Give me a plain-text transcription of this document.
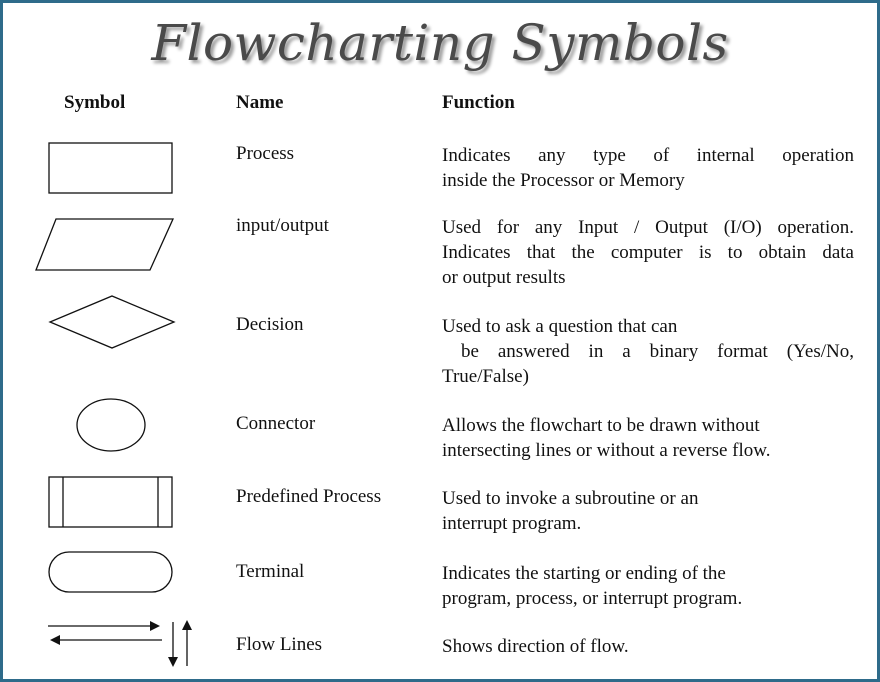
Flowcharting Symbols
Symbol	Name	Function
Process	Indicates any type of internal operation
inside the Processor or Memory
input/output	Used for any Input / Output (I/O) operation.
Indicates that the computer is to obtain data
or output results
Decision	Used to ask a question that can
be answered in a binary format (Yes/No,
True/False)
Connector	Allows the flowchart to be drawn without
intersecting lines or without a reverse flow.
Predefined Process	Used to invoke a subroutine or an
interrupt program.
Terminal	Indicates the starting or ending of the
program, process, or interrupt program.
Flow Lines	Shows direction of flow.
